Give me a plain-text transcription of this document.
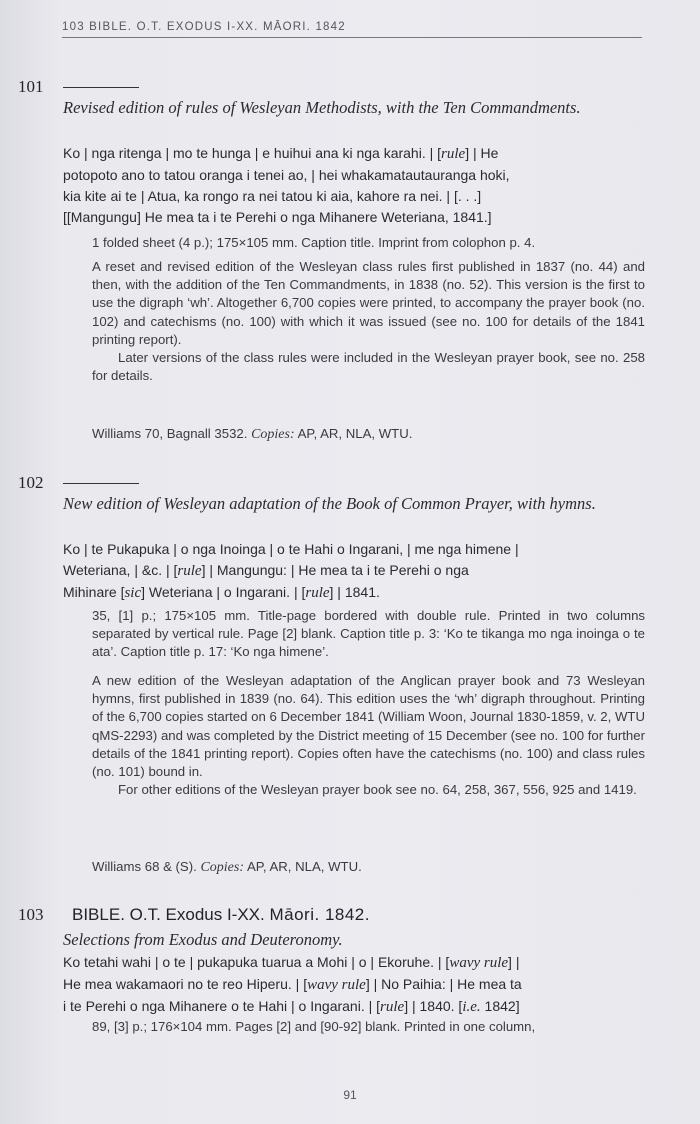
103 BIBLE. O.T. EXODUS I-XX. MĀORI. 1842
101
Revised edition of rules of Wesleyan Methodists, with the Ten Commandments.
Ko | nga ritenga | mo te hunga | e huihui ana ki nga karahi. | [rule] | He
potopoto ano to tatou oranga i tenei ao, | hei whakamatautauranga hoki,
kia kite ai te | Atua, ka rongo ra nei tatou ki aia, kahore ra nei. | [. . .]
[[Mangungu] He mea ta i te Perehi o nga Mihanere Weteriana, 1841.]
1 folded sheet (4 p.); 175×105 mm. Caption title. Imprint from colophon p. 4.
A reset and revised edition of the Wesleyan class rules first published in 1837 (no. 44) and then, with the addition of the Ten Commandments, in 1838 (no. 52). This version is the first to use the digraph ‘wh’. Altogether 6,700 copies were printed, to accompany the prayer book (no. 102) and catechisms (no. 100) with which it was issued (see no. 100 for details of the 1841 printing report).
Later versions of the class rules were included in the Wesleyan prayer book, see no. 258 for details.
Williams 70, Bagnall 3532. Copies: AP, AR, NLA, WTU.
102
New edition of Wesleyan adaptation of the Book of Common Prayer, with hymns.
Ko | te Pukapuka | o nga Inoinga | o te Hahi o Ingarani, | me nga himene |
Weteriana, | &c. | [rule] | Mangungu: | He mea ta i te Perehi o nga
Mihinare [sic] Weteriana | o Ingarani. | [rule] | 1841.
35, [1] p.; 175×105 mm. Title-page bordered with double rule. Printed in two columns separated by vertical rule. Page [2] blank. Caption title p. 3: ‘Ko te tikanga mo nga inoinga o te ata’. Caption title p. 17: ‘Ko nga himene’.
A new edition of the Wesleyan adaptation of the Anglican prayer book and 73 Wesleyan hymns, first published in 1839 (no. 64). This edition uses the ‘wh’ digraph throughout. Printing of the 6,700 copies started on 6 December 1841 (William Woon, Journal 1830-1859, v. 2, WTU qMS-2293) and was completed by the District meeting of 15 December (see no. 100 for further details of the 1841 printing report). Copies often have the catechisms (no. 100) and class rules (no. 101) bound in.
For other editions of the Wesleyan prayer book see no. 64, 258, 367, 556, 925 and 1419.
Williams 68 & (S). Copies: AP, AR, NLA, WTU.
103 BIBLE. O.T. Exodus I-XX. Māori. 1842.
Selections from Exodus and Deuteronomy.
Ko tetahi wahi | o te | pukapuka tuarua a Mohi | o | Ekoruhe. | [wavy rule] |
He mea wakamaori no te reo Hiperu. | [wavy rule] | No Paihia: | He mea ta
i te Perehi o nga Mihanere o te Hahi | o Ingarani. | [rule] | 1840. [i.e. 1842]
89, [3] p.; 176×104 mm. Pages [2] and [90-92] blank. Printed in one column,
91
